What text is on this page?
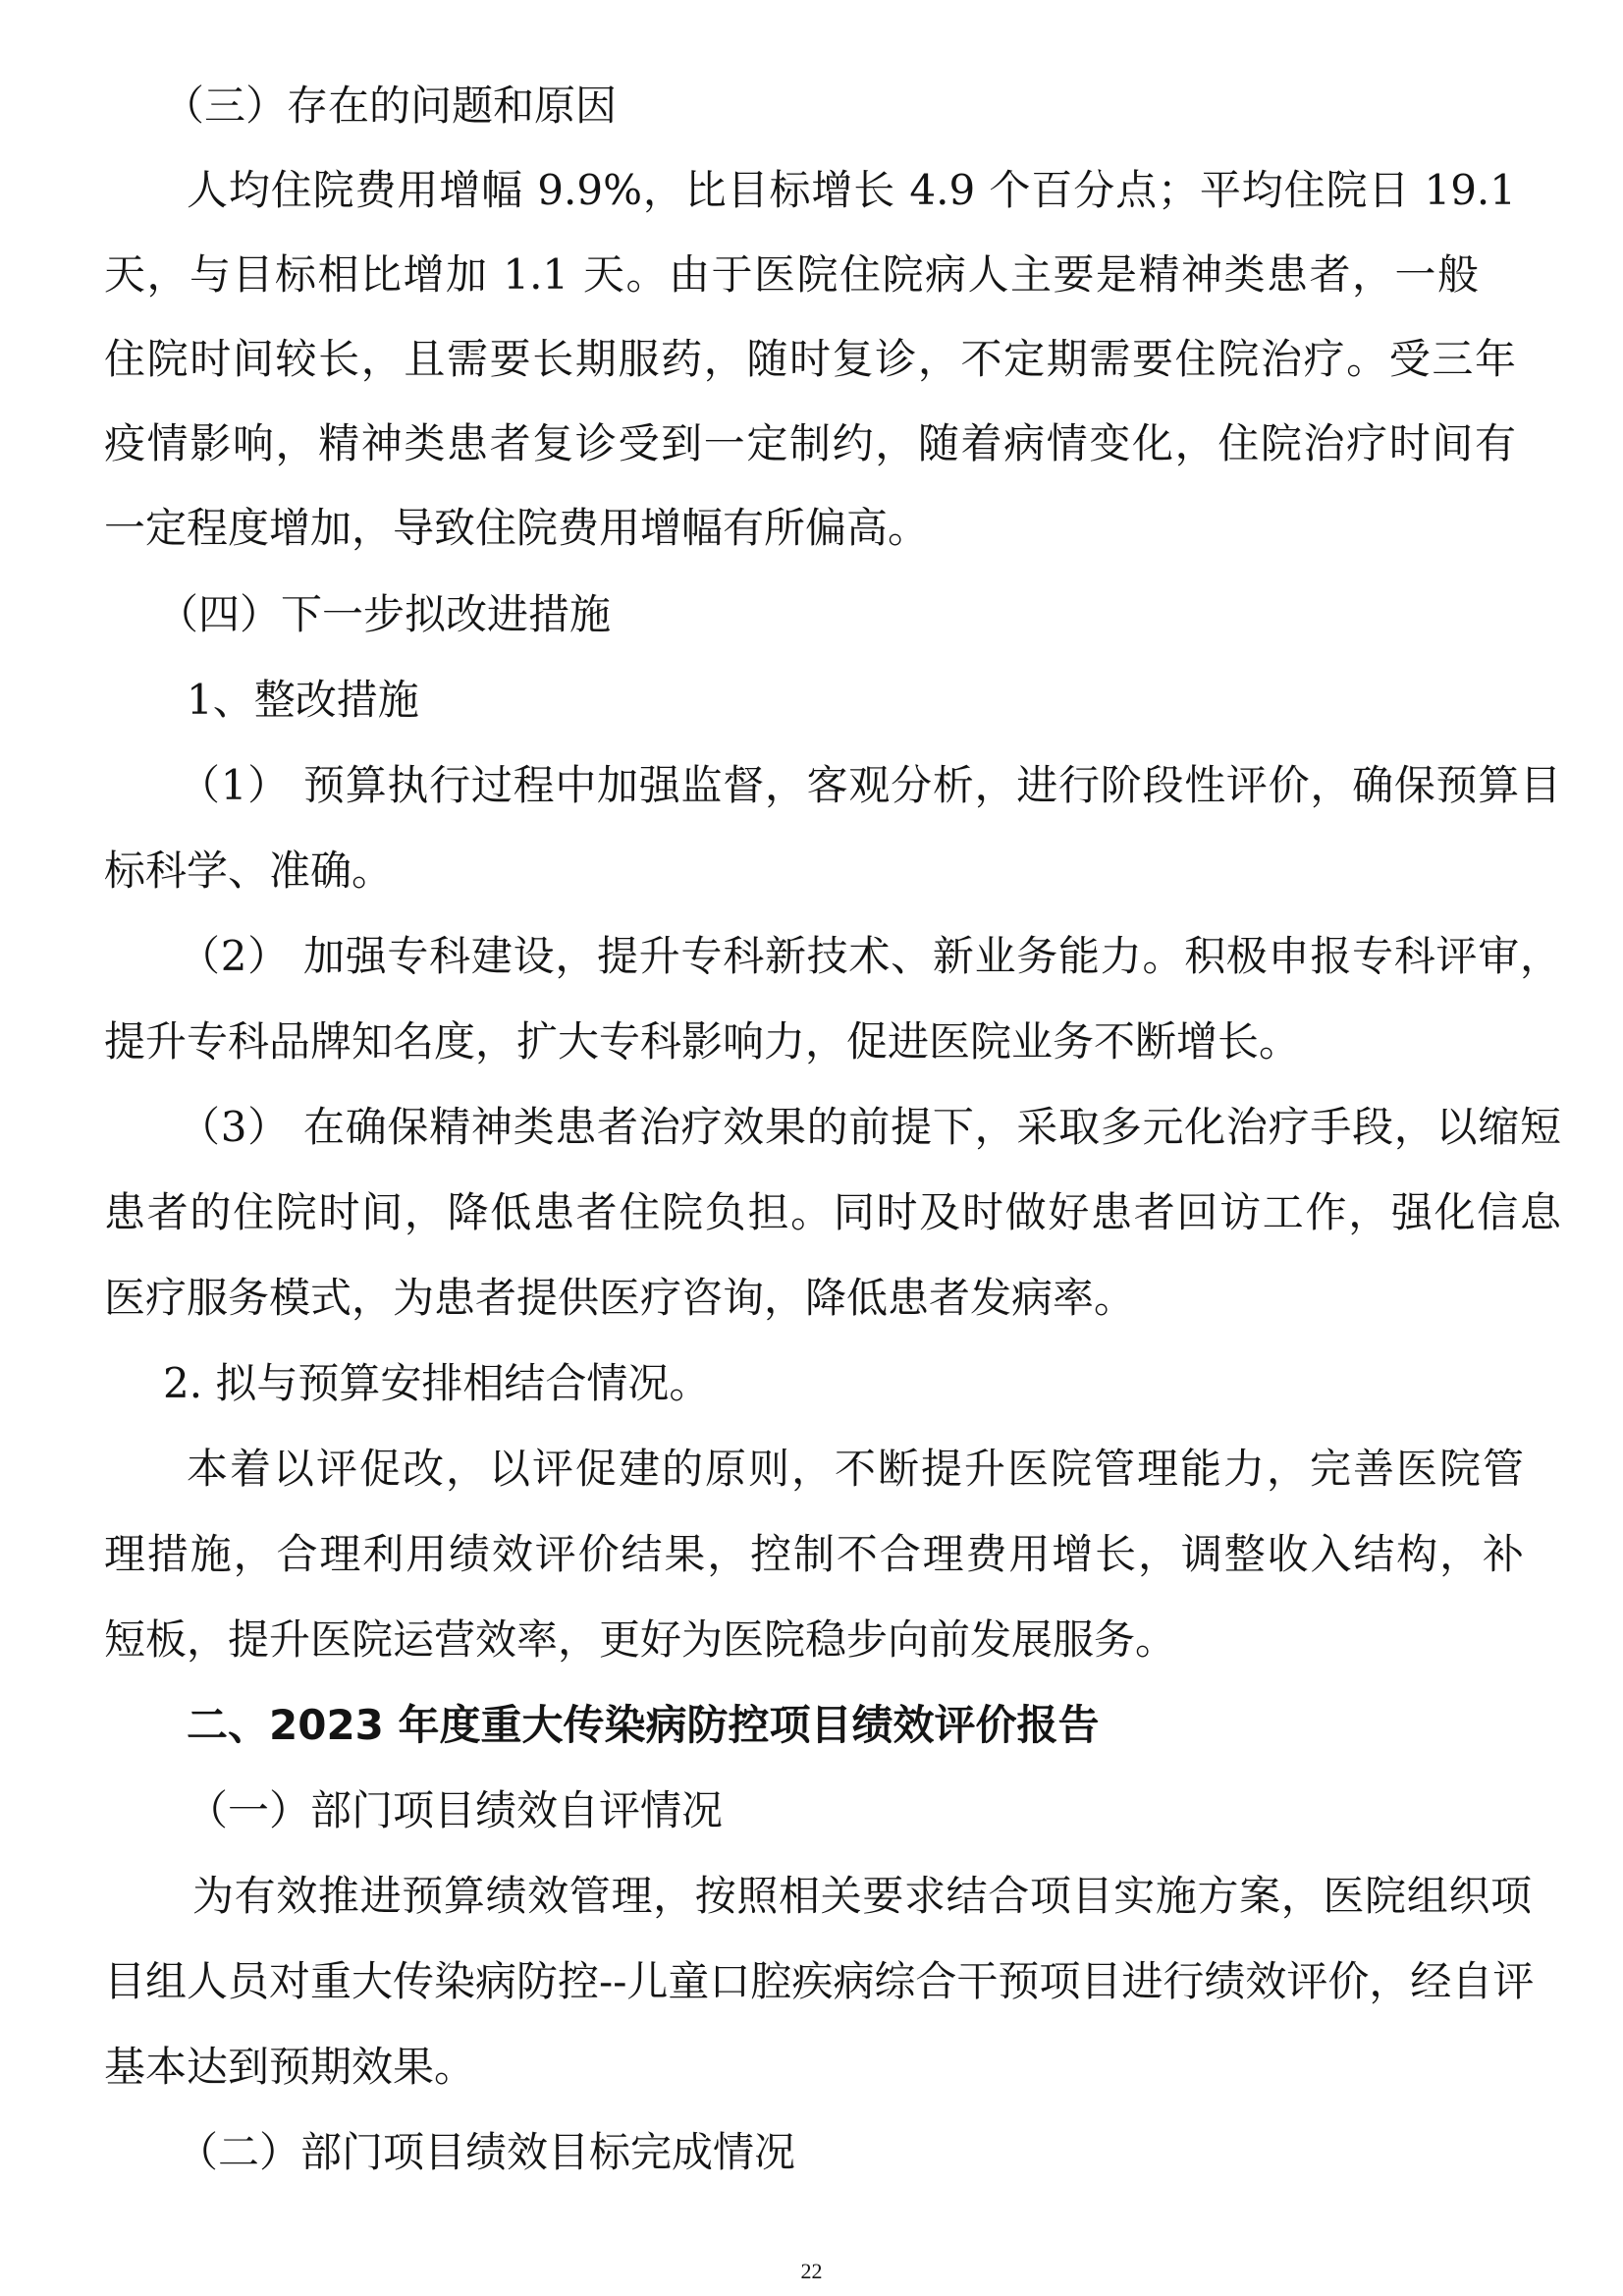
（三）存在的问题和原因
人均住院费用增幅 9.9%，比目标增长 4.9 个百分点；平均住院日 19.1
天，与目标相比增加 1.1 天。由于医院住院病人主要是精神类患者，一般
住院时间较长，且需要长期服药，随时复诊，不定期需要住院治疗。受三年
疫情影响，精神类患者复诊受到一定制约，随着病情变化，住院治疗时间有
一定程度增加，导致住院费用增幅有所偏高。
（四）下一步拟改进措施
1、整改措施
（1） 预算执行过程中加强监督，客观分析，进行阶段性评价，确保预算目
标科学、准确。
（2） 加强专科建设，提升专科新技术、新业务能力。积极申报专科评审，
提升专科品牌知名度，扩大专科影响力，促进医院业务不断增长。
（3） 在确保精神类患者治疗效果的前提下，采取多元化治疗手段，以缩短
患者的住院时间，降低患者住院负担。同时及时做好患者回访工作，强化信息
医疗服务模式，为患者提供医疗咨询，降低患者发病率。
2. 拟与预算安排相结合情况。
本着以评促改，以评促建的原则，不断提升医院管理能力，完善医院管
理措施，合理利用绩效评价结果，控制不合理费用增长，调整收入结构，补
短板，提升医院运营效率，更好为医院稳步向前发展服务。
二、2023 年度重大传染病防控项目绩效评价报告
（一）部门项目绩效自评情况
为有效推进预算绩效管理，按照相关要求结合项目实施方案，医院组织项
目组人员对重大传染病防控--儿童口腔疾病综合干预项目进行绩效评价，经自评
基本达到预期效果。
（二）部门项目绩效目标完成情况
22
